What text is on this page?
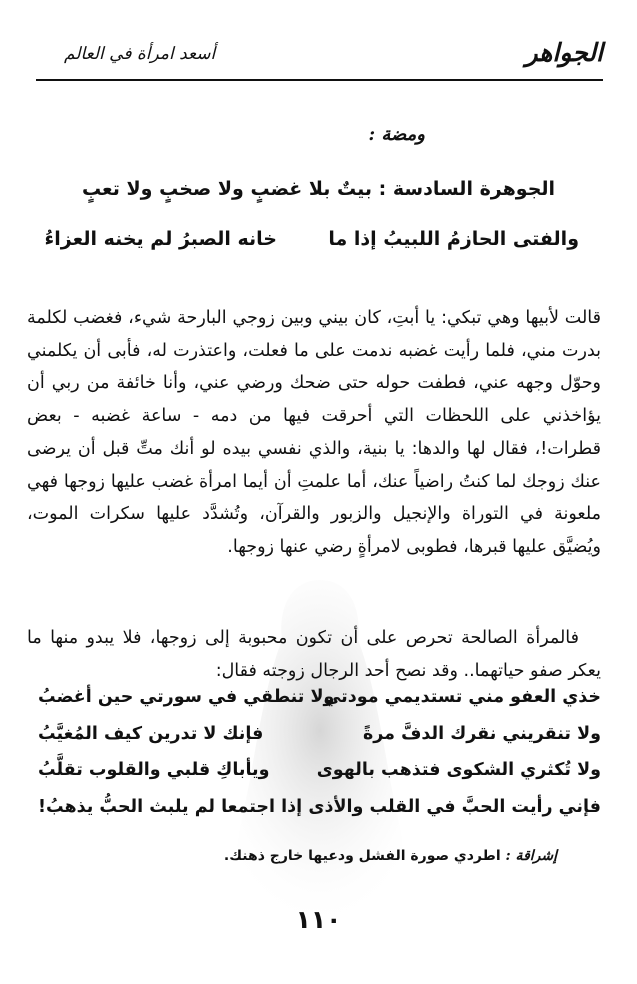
الجواهر
أسعد امرأة في العالم
ومضة :
الجوهرة السادسة : بيتٌ بلا غضبٍ ولا صخبٍ ولا تعبٍ
والفتى الحازمُ اللبيبُ إذا ما
خانه الصبرُ لم يخنه العزاءُ
قالت لأبيها وهي تبكي: يا أبتِ، كان بيني وبين زوجي البارحة شيء، فغضب لكلمة بدرت مني، فلما رأيت غضبه ندمت على ما فعلت، واعتذرت له، فأبى أن يكلمني وحوّل وجهه عني، فطفت حوله حتى ضحك ورضي عني، وأنا خائفة من ربي أن يؤاخذني على اللحظات التي أحرقت فيها من دمه - ساعة غضبه - بعض قطرات!، فقال لها والدها: يا بنية، والذي نفسي بيده لو أنك متِّ قبل أن يرضى عنك زوجك لما كنتُ راضياً عنك، أما علمتِ أن أيما امرأة غضب عليها زوجها فهي ملعونة في التوراة والإنجيل والزبور والقرآن، وتُشدَّد عليها سكرات الموت، ويُضيَّق عليها قبرها، فطوبى لامرأةٍ رضي عنها زوجها.
فالمرأة الصالحة تحرص على أن تكون محبوبة إلى زوجها، فلا يبدو منها ما يعكر صفو حياتهما.. وقد نصح أحد الرجال زوجته فقال:
خذي العفو مني تستديمي مودتي
ولا تنطقي في سورتي حين أغضبُ
ولا تنقريني نقرك الدفَّ مرةً
فإنك لا تدرين كيف المُغيَّبُ
ولا تُكثري الشكوى فتذهب بالهوى
ويأباكِ قلبي والقلوب تقلَّبُ
فإني رأيت الحبَّ في القلب والأذى
إذا اجتمعا لم يلبث الحبُّ يذهبُ!
إشراقة : اطردي صورة الفشل ودعيها خارج ذهنك.
١١٠
